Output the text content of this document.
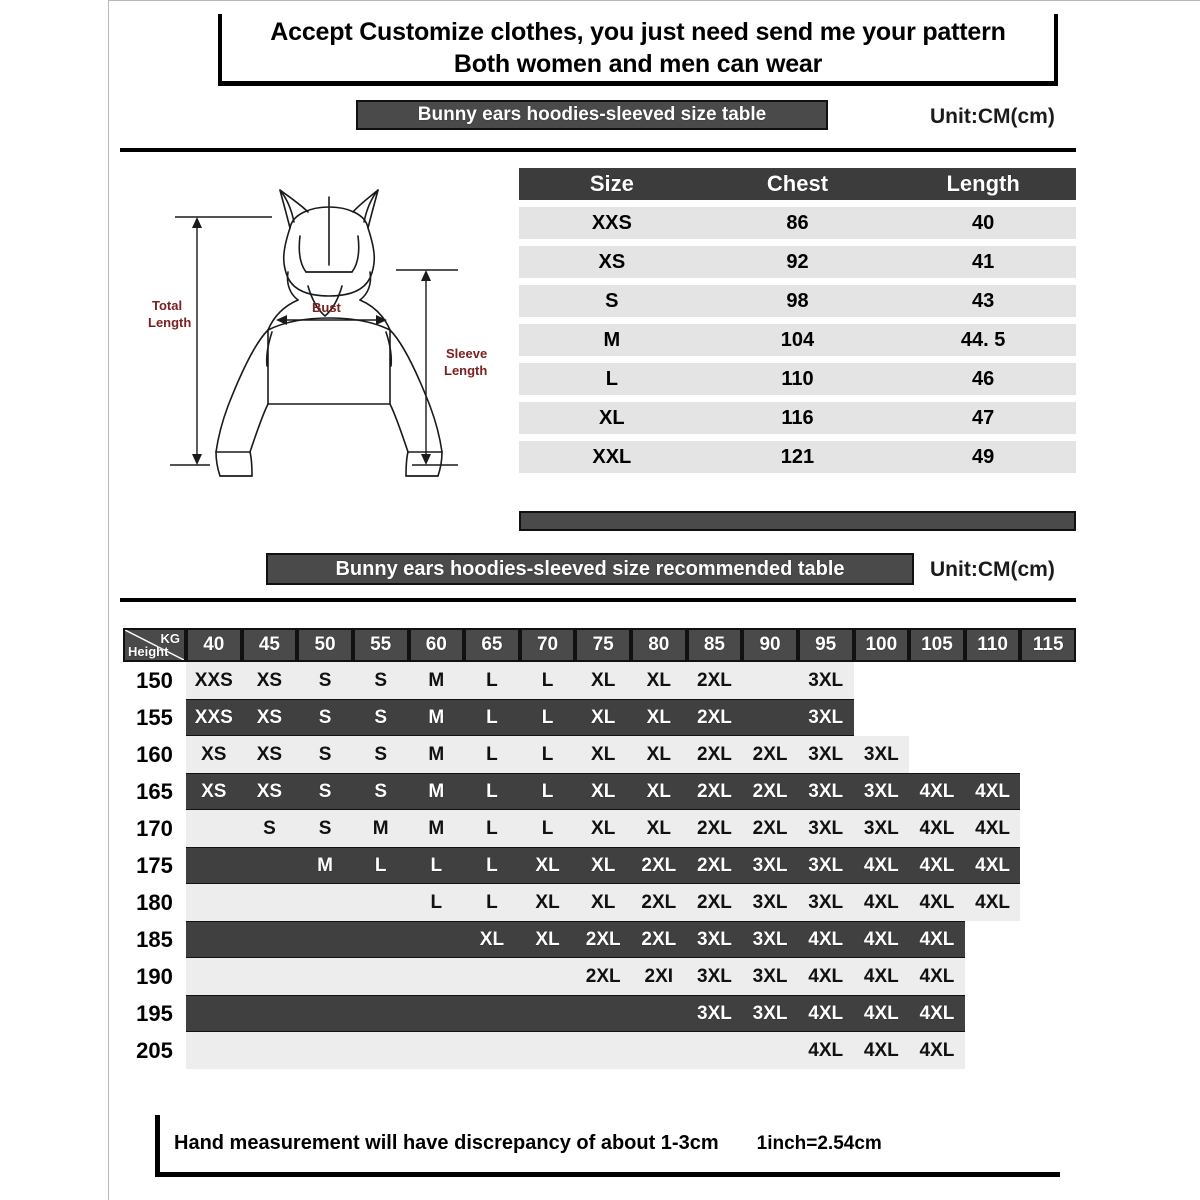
Accept Customize clothes, you just need send me your pattern
Both women and men can wear
Bunny ears hoodies-sleeved size table	Unit:CM(cm)
Total
Length
Bust
Sleeve
Length
Size	Chest	Length
XXS	86	40
XS	92	41
S	98	43
M	104	44. 5
L	110	46
XL	116	47
XXL	121	49
Bunny ears hoodies-sleeved size recommended table	Unit:CM(cm)
KG
Height	40	45	50	55	60	65	70	75	80	85	90	95	100	105	110	115
150	XXS	XS	S	S	M	L	L	XL	XL	2XL		3XL				
155	XXS	XS	S	S	M	L	L	XL	XL	2XL		3XL				
160	XS	XS	S	S	M	L	L	XL	XL	2XL	2XL	3XL	3XL			
165	XS	XS	S	S	M	L	L	XL	XL	2XL	2XL	3XL	3XL	4XL	4XL	
170		S	S	M	M	L	L	XL	XL	2XL	2XL	3XL	3XL	4XL	4XL	
175			M	L	L	L	XL	XL	2XL	2XL	3XL	3XL	4XL	4XL	4XL	
180					L	L	XL	XL	2XL	2XL	3XL	3XL	4XL	4XL	4XL	
185						XL	XL	2XL	2XL	3XL	3XL	4XL	4XL	4XL		
190								2XL	2XI	3XL	3XL	4XL	4XL	4XL		
195										3XL	3XL	4XL	4XL	4XL		
205												4XL	4XL	4XL		
Hand measurement will have discrepancy of about 1-3cm 1inch=2.54cm
